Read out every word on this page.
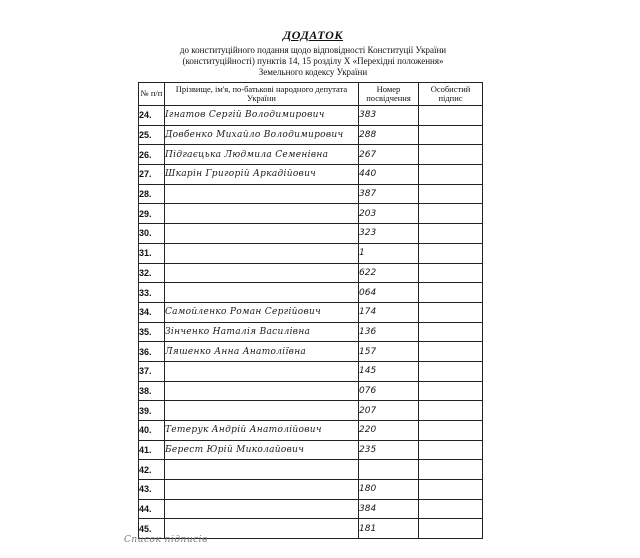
ДОДАТОК
до конституційного подання щодо відповідності Конституції України
(конституційності) пунктів 14, 15 розділу Х «Перехідні положення»
Земельного кодексу України
№ п/п	Прізвище, ім'я, по-батькові народного депутата України	Номер посвідчення	Особистий підпис
24.	Ігнатов Сергій Володимирович	383	
25.	Довбенко Михайло Володимирович	288	
26.	Підгаєцька Людмила Семенівна	267	
27.	Шкарін Григорій Аркадійович	440	
28.		387	
29.		203	
30.		323	
31.		1	
32.		622	
33.		064	
34.	Самойленко Роман Сергійович	174	
35.	Зінченко Наталія Василівна	136	
36.	Ляшенко Анна Анатоліївна	157	
37.		145	
38.		076	
39.		207	
40.	Тетерук Андрій Анатолійович	220	
41.	Берест Юрій Миколайович	235	
42.			
43.		180	
44.		384	
45.		181	
Список підписів
